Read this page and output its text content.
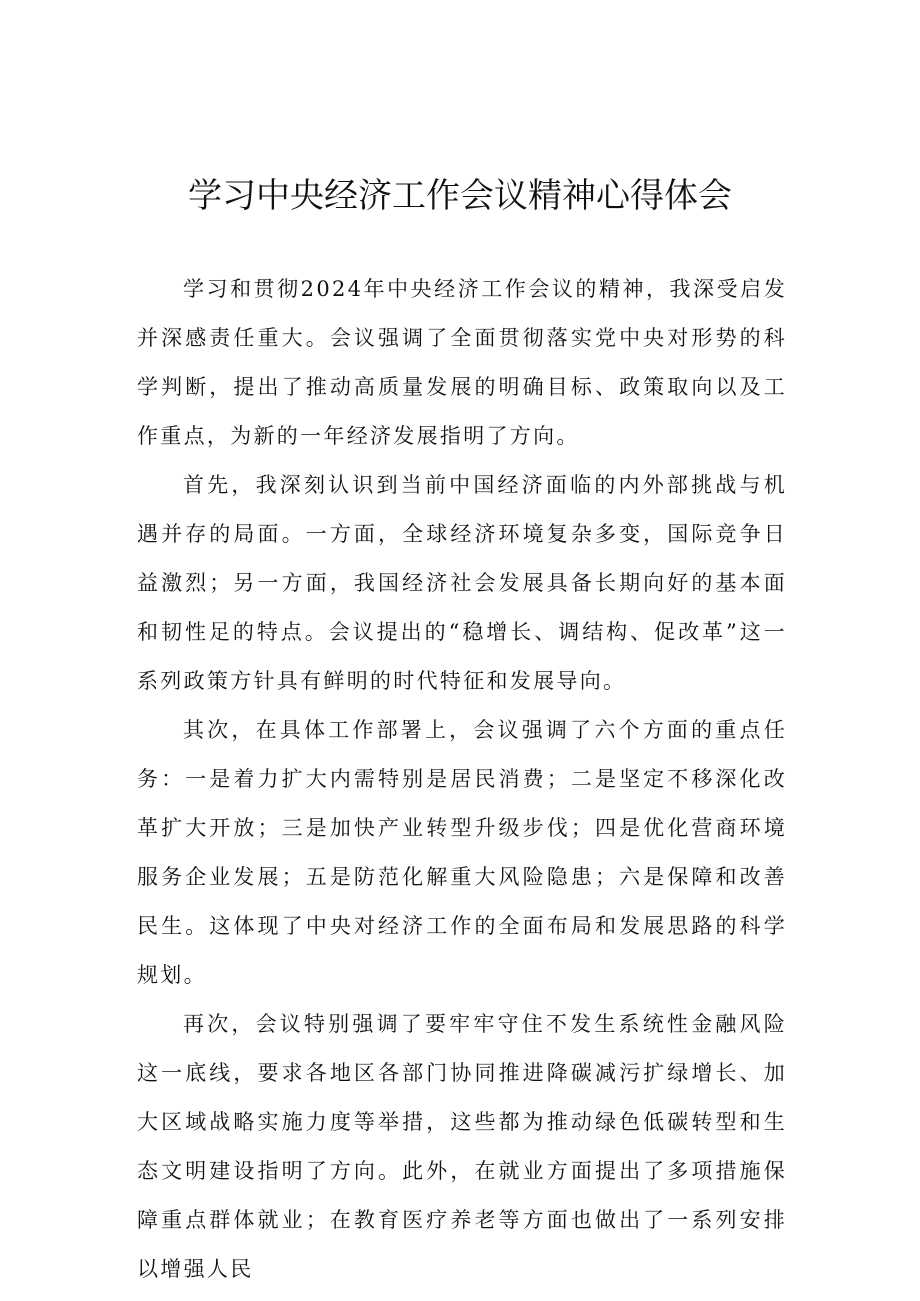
学习中央经济工作会议精神心得体会

学习和贯彻2024年中央经济工作会议的精神，我深受启发并深感责任重大。会议强调了全面贯彻落实党中央对形势的科学判断，提出了推动高质量发展的明确目标、政策取向以及工作重点，为新的一年经济发展指明了方向。

首先，我深刻认识到当前中国经济面临的内外部挑战与机遇并存的局面。一方面，全球经济环境复杂多变，国际竞争日益激烈；另一方面，我国经济社会发展具备长期向好的基本面和韧性足的特点。会议提出的“稳增长、调结构、促改革”这一系列政策方针具有鲜明的时代特征和发展导向。

其次，在具体工作部署上，会议强调了六个方面的重点任务：一是着力扩大内需特别是居民消费；二是坚定不移深化改革扩大开放；三是加快产业转型升级步伐；四是优化营商环境服务企业发展；五是防范化解重大风险隐患；六是保障和改善民生。这体现了中央对经济工作的全面布局和发展思路的科学规划。

再次，会议特别强调了要牢牢守住不发生系统性金融风险这一底线，要求各地区各部门协同推进降碳减污扩绿增长、加大区域战略实施力度等举措，这些都为推动绿色低碳转型和生态文明建设指明了方向。此外，在就业方面提出了多项措施保障重点群体就业；在教育医疗养老等方面也做出了一系列安排以增强人民
